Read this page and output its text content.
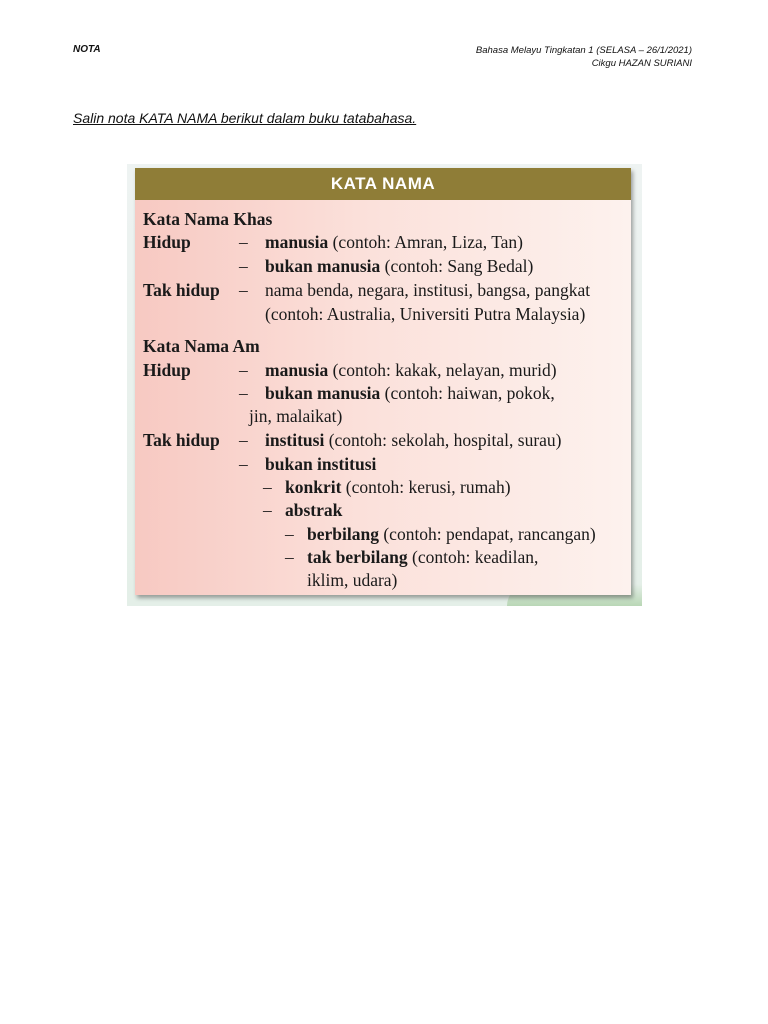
NOTA	Bahasa Melayu Tingkatan 1 (SELASA – 26/1/2021)
Cikgu HAZAN SURIANI
Salin nota KATA NAMA berikut dalam buku tatabahasa.
KATA NAMA
Kata Nama Khas
Hidup	– manusia (contoh: Amran, Liza, Tan)
– bukan manusia (contoh: Sang Bedal)
Tak hidup – nama benda, negara, institusi, bangsa, pangkat
(contoh: Australia, Universiti Putra Malaysia)
Kata Nama Am
Hidup	– manusia (contoh: kakak, nelayan, murid)
– bukan manusia (contoh: haiwan, pokok,
jin, malaikat)
Tak hidup – institusi (contoh: sekolah, hospital, surau)
– bukan institusi
– konkrit (contoh: kerusi, rumah)
– abstrak
– berbilang (contoh: pendapat, rancangan)
– tak berbilang (contoh: keadilan,
iklim, udara)
